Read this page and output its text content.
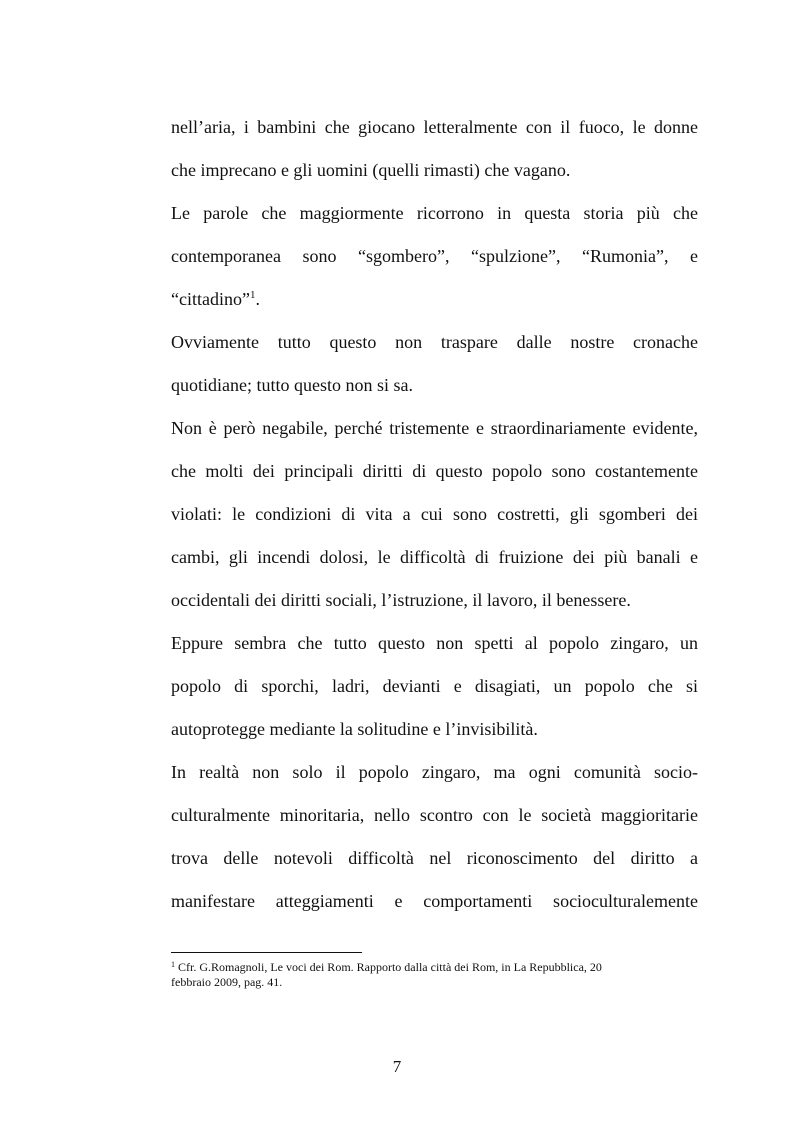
nell’aria, i bambini che giocano letteralmente con il fuoco, le donne
che imprecano e gli uomini (quelli rimasti) che vagano.
Le parole che maggiormente ricorrono in questa storia più che
contemporanea sono “sgombero”, “spulzione”, “Rumonia”, e
“cittadino”$^1$.
Ovviamente tutto questo non traspare dalle nostre cronache
quotidiane; tutto questo non si sa.
Non è però negabile, perché tristemente e straordinariamente evidente,
che molti dei principali diritti di questo popolo sono costantemente
violati: le condizioni di vita a cui sono costretti, gli sgomberi dei
cambi, gli incendi dolosi, le difficoltà di fruizione dei più banali e
occidentali dei diritti sociali, l’istruzione, il lavoro, il benessere.
Eppure sembra che tutto questo non spetti al popolo zingaro, un
popolo di sporchi, ladri, devianti e disagiati, un popolo che si
autoprotegge mediante la solitudine e l’invisibilità.
In realtà non solo il popolo zingaro, ma ogni comunità socio-
culturalmente minoritaria, nello scontro con le società maggioritarie
trova delle notevoli difficoltà nel riconoscimento del diritto a
manifestare atteggiamenti e comportamenti socioculturalemente
$^1$ Cfr. G.Romagnoli, Le voci dei Rom. Rapporto dalla città dei Rom, in La Repubblica, 20
febbraio 2009, pag. 41.
7
